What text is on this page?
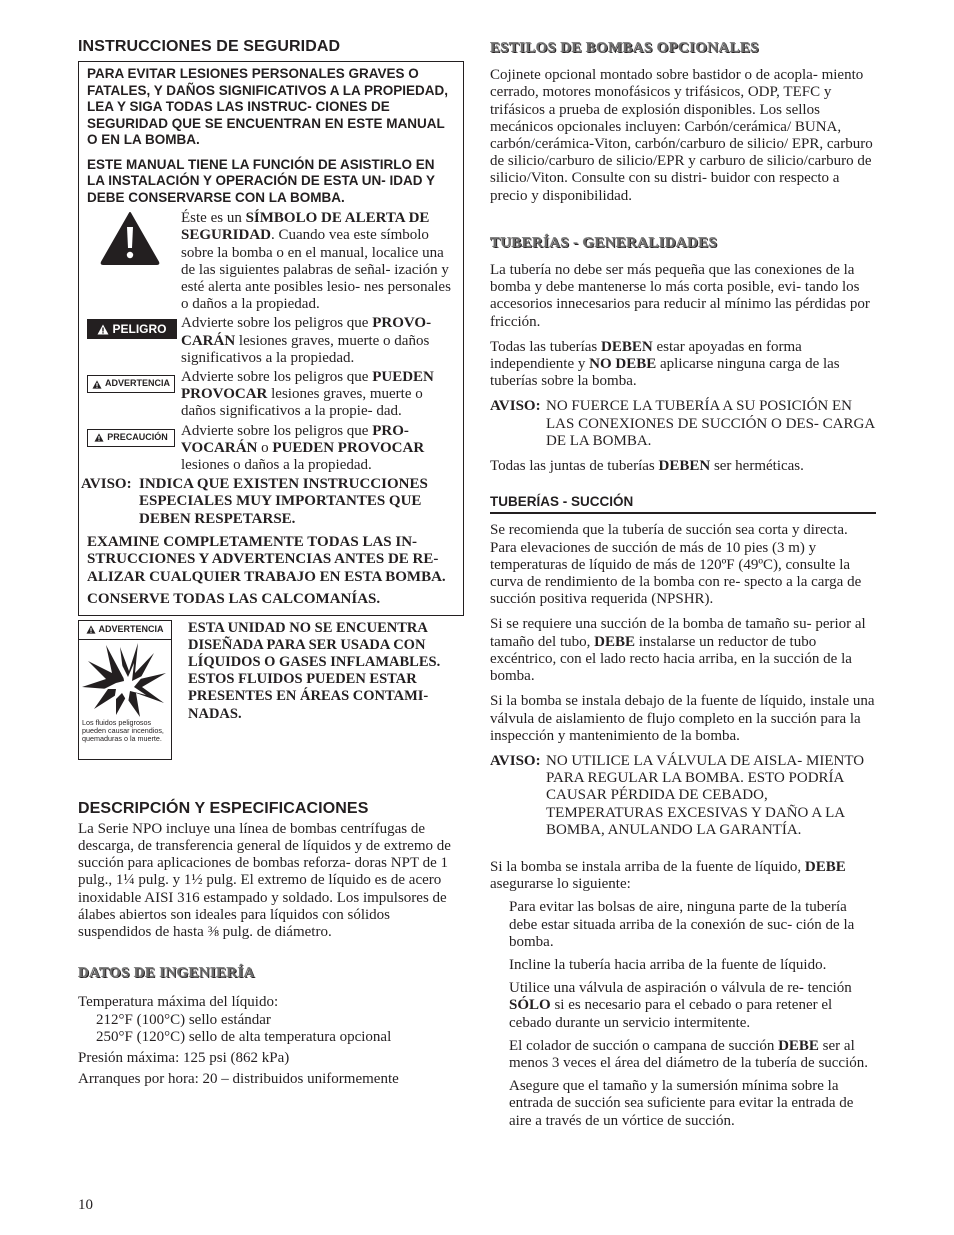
INSTRUCCIONES DE SEGURIDAD

PARA EVITAR LESIONES PERSONALES GRAVES O FATALES, Y DAÑOS SIGNIFICATIVOS A LA PROPIEDAD, LEA Y SIGA TODAS LAS INSTRUC- CIONES DE SEGURIDAD QUE SE ENCUENTRAN EN ESTE MANUAL O EN LA BOMBA.

ESTE MANUAL TIENE LA FUNCIÓN DE ASISTIRLO EN LA INSTALACIÓN Y OPERACIÓN DE ESTA UN- IDAD Y DEBE CONSERVARSE CON LA BOMBA.

Éste es un SÍMBOLO DE ALERTA DE SEGURIDAD. Cuando vea este símbolo sobre la bomba o en el manual, localice una de las siguientes palabras de señal- ización y esté alerta ante posibles lesio- nes personales o daños a la propiedad.
PELIGRO Advierte sobre los peligros que PROVO- CARÁN lesiones graves, muerte o daños significativos a la propiedad.
ADVERTENCIA Advierte sobre los peligros que PUEDEN PROVOCAR lesiones graves, muerte o daños significativos a la propie- dad.
PRECAUCIÓN Advierte sobre los peligros que PRO- VOCARÁN o PUEDEN PROVOCAR lesiones o daños a la propiedad.
AVISO: INDICA QUE EXISTEN INSTRUCCIONES ESPECIALES MUY IMPORTANTES QUE DEBEN RESPETARSE.

EXAMINE COMPLETAMENTE TODAS LAS IN- STRUCCIONES Y ADVERTENCIAS ANTES DE RE- ALIZAR CUALQUIER TRABAJO EN ESTA BOMBA.

CONSERVE TODAS LAS CALCOMANÍAS.

ADVERTENCIA
Los fluidos peligrosos pueden causar incendios, quemaduras o la muerte.
ESTA UNIDAD NO SE ENCUENTRA DISEÑADA PARA SER USADA CON LÍQUIDOS O GASES INFLAMABLES. ESTOS FLUIDOS PUEDEN ESTAR PRESENTES EN ÁREAS CONTAMI- NADAS.
DESCRIPCIÓN Y ESPECIFICACIONES

La Serie NPO incluye una línea de bombas centrífugas de descarga, de transferencia general de líquidos y de extremo de succión para aplicaciones de bombas reforza- doras NPT de 1 pulg., 1¼ pulg. y 1½ pulg. El extremo de líquido es de acero inoxidable AISI 316 estampado y soldado. Los impulsores de álabes abiertos son ideales para líquidos con sólidos suspendidos de hasta ⅜ pulg. de diámetro.

DATOS DE INGENIERÍA

Temperatura máxima del líquido:

212°F (100°C) sello estándar

250°F (120°C) sello de alta temperatura opcional

Presión máxima: 125 psi (862 kPa)

Arranques por hora: 20 – distribuidos uniformemente

ESTILOS DE BOMBAS OPCIONALES

Cojinete opcional montado sobre bastidor o de acopla- miento cerrado, motores monofásicos y trifásicos, ODP, TEFC y trifásicos a prueba de explosión disponibles. Los sellos mecánicos opcionales incluyen: Carbón/cerámica/ BUNA, carbón/cerámica-Viton, carbón/carburo de silicio/ EPR, carburo de silicio/carburo de silicio/EPR y carburo de silicio/carburo de silicio/Viton. Consulte con su distri- buidor con respecto a precio y disponibilidad.

TUBERÍAS - GENERALIDADES

La tubería no debe ser más pequeña que las conexiones de la bomba y debe mantenerse lo más corta posible, evi- tando los accesorios innecesarios para reducir al mínimo las pérdidas por fricción.

Todas las tuberías DEBEN estar apoyadas en forma independiente y NO DEBE aplicarse ninguna carga de las tuberías sobre la bomba.

AVISO: NO FUERCE LA TUBERÍA A SU POSICIÓN EN LAS CONEXIONES DE SUCCIÓN O DES- CARGA DE LA BOMBA.

Todas las juntas de tuberías DEBEN ser herméticas.

TUBERÍAS - SUCCIÓN

Se recomienda que la tubería de succión sea corta y directa. Para elevaciones de succión de más de 10 pies (3 m) y temperaturas de líquido de más de 120ºF (49ºC), consulte la curva de rendimiento de la bomba con re- specto a la carga de succión positiva requerida (NPSHR).

Si se requiere una succión de la bomba de tamaño su- perior al tamaño del tubo, DEBE instalarse un reductor de tubo excéntrico, con el lado recto hacia arriba, en la succión de la bomba.

Si la bomba se instala debajo de la fuente de líquido, instale una válvula de aislamiento de flujo completo en la succión para la inspección y mantenimiento de la bomba.

AVISO: NO UTILICE LA VÁLVULA DE AISLA- MIENTO PARA REGULAR LA BOMBA. ESTO PODRÍA CAUSAR PÉRDIDA DE CEBADO, TEMPERATURAS EXCESIVAS Y DAÑO A LA BOMBA, ANULANDO LA GARANTÍA.

Si la bomba se instala arriba de la fuente de líquido, DEBE asegurarse lo siguiente:

Para evitar las bolsas de aire, ninguna parte de la tubería debe estar situada arriba de la conexión de suc- ción de la bomba.

Incline la tubería hacia arriba de la fuente de líquido.

Utilice una válvula de aspiración o válvula de re- tención SÓLO si es necesario para el cebado o para retener el cebado durante un servicio intermitente.

El colador de succión o campana de succión DEBE ser al menos 3 veces el área del diámetro de la tubería de succión.

Asegure que el tamaño y la sumersión mínima sobre la entrada de succión sea suficiente para evitar la entrada de aire a través de un vórtice de succión.

10
